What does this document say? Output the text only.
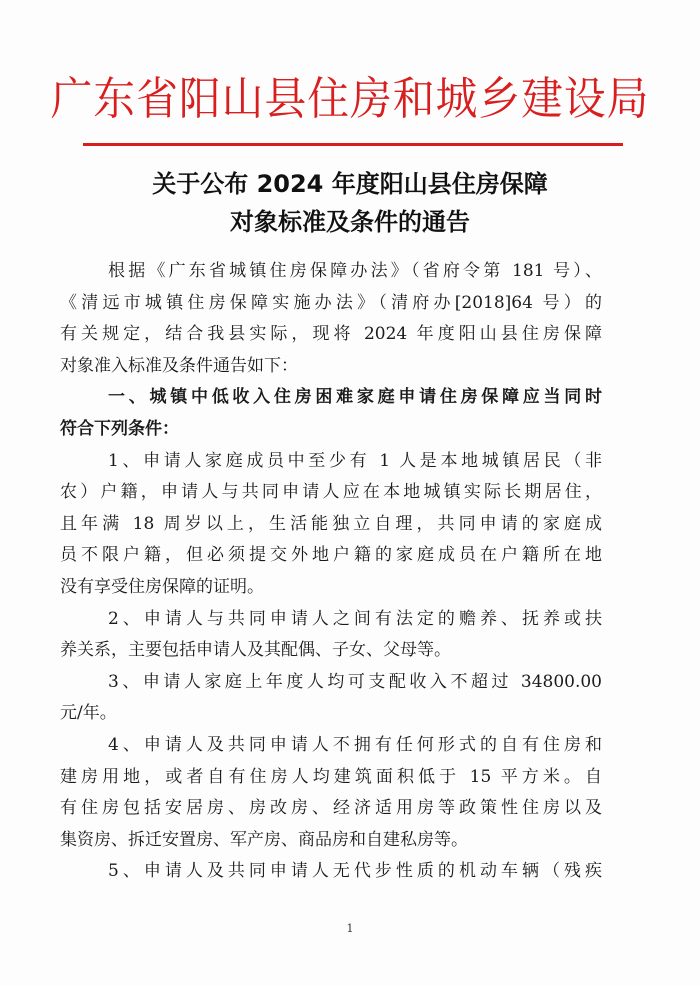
广东省阳山县住房和城乡建设局
关于公布 2024 年度阳山县住房保障
对象标准及条件的通告
根据《广东省城镇住房保障办法》（省府令第 181 号）、
《清远市城镇住房保障实施办法》（清府办[2018]64 号）的
有关规定，结合我县实际，现将 2024 年度阳山县住房保障
对象准入标准及条件通告如下：
一、城镇中低收入住房困难家庭申请住房保障应当同时
符合下列条件：
1、申请人家庭成员中至少有 1 人是本地城镇居民（非
农）户籍，申请人与共同申请人应在本地城镇实际长期居住，
且年满 18 周岁以上，生活能独立自理，共同申请的家庭成
员不限户籍，但必须提交外地户籍的家庭成员在户籍所在地
没有享受住房保障的证明。
2、申请人与共同申请人之间有法定的赡养、抚养或扶
养关系，主要包括申请人及其配偶、子女、父母等。
3、申请人家庭上年度人均可支配收入不超过 34800.00
元/年。
4、申请人及共同申请人不拥有任何形式的自有住房和
建房用地，或者自有住房人均建筑面积低于 15 平方米。自
有住房包括安居房、房改房、经济适用房等政策性住房以及
集资房、拆迁安置房、军产房、商品房和自建私房等。
5、申请人及共同申请人无代步性质的机动车辆（残疾
1
